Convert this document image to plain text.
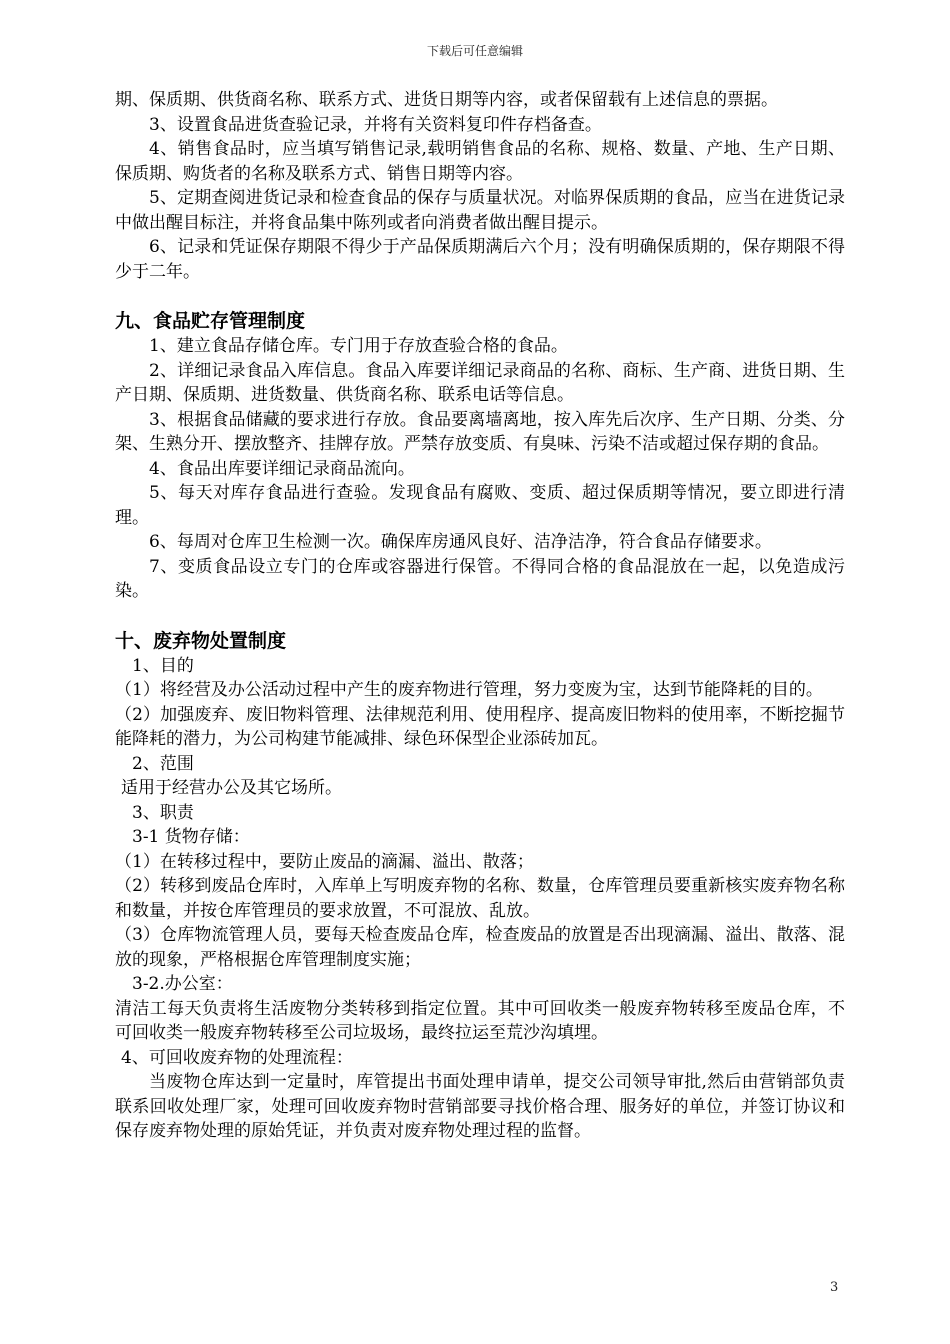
下载后可任意编辑

期、保质期、供货商名称、联系方式、进货日期等内容，或者保留载有上述信息的票据。

3、设置食品进货查验记录，并将有关资料复印件存档备查。

4、销售食品时，应当填写销售记录,载明销售食品的名称、规格、数量、产地、生产日期、保质期、购货者的名称及联系方式、销售日期等内容。

5、定期查阅进货记录和检查食品的保存与质量状况。对临界保质期的食品，应当在进货记录中做出醒目标注，并将食品集中陈列或者向消费者做出醒目提示。

6、记录和凭证保存期限不得少于产品保质期满后六个月；没有明确保质期的，保存期限不得少于二年。

九、食品贮存管理制度

1、建立食品存储仓库。专门用于存放查验合格的食品。

2、详细记录食品入库信息。食品入库要详细记录商品的名称、商标、生产商、进货日期、生产日期、保质期、进货数量、供货商名称、联系电话等信息。

3、根据食品储藏的要求进行存放。食品要离墙离地，按入库先后次序、生产日期、分类、分架、生熟分开、摆放整齐、挂牌存放。严禁存放变质、有臭味、污染不洁或超过保存期的食品。

4、食品出库要详细记录商品流向。

5、每天对库存食品进行查验。发现食品有腐败、变质、超过保质期等情况，要立即进行清理。

6、每周对仓库卫生检测一次。确保库房通风良好、洁净洁净，符合食品存储要求。

7、变质食品设立专门的仓库或容器进行保管。不得同合格的食品混放在一起，以免造成污染。

十、废弃物处置制度

1、目的

（1）将经营及办公活动过程中产生的废弃物进行管理，努力变废为宝，达到节能降耗的目的。

（2）加强废弃、废旧物料管理、法律规范利用、使用程序、提高废旧物料的使用率，不断挖掘节能降耗的潜力，为公司构建节能减排、绿色环保型企业添砖加瓦。

2、范围

适用于经营办公及其它场所。

3、职责

3-1 货物存储：

（1）在转移过程中，要防止废品的滴漏、溢出、散落；

（2）转移到废品仓库时，入库单上写明废弃物的名称、数量，仓库管理员要重新核实废弃物名称和数量，并按仓库管理员的要求放置，不可混放、乱放。

（3）仓库物流管理人员，要每天检查废品仓库，检查废品的放置是否出现滴漏、溢出、散落、混放的现象，严格根据仓库管理制度实施；

3-2.办公室：

清洁工每天负责将生活废物分类转移到指定位置。其中可回收类一般废弃物转移至废品仓库，不可回收类一般废弃物转移至公司垃圾场，最终拉运至荒沙沟填埋。

4、可回收废弃物的处理流程：

当废物仓库达到一定量时，库管提出书面处理申请单，提交公司领导审批,然后由营销部负责联系回收处理厂家，处理可回收废弃物时营销部要寻找价格合理、服务好的单位，并签订协议和保存废弃物处理的原始凭证，并负责对废弃物处理过程的监督。

3
